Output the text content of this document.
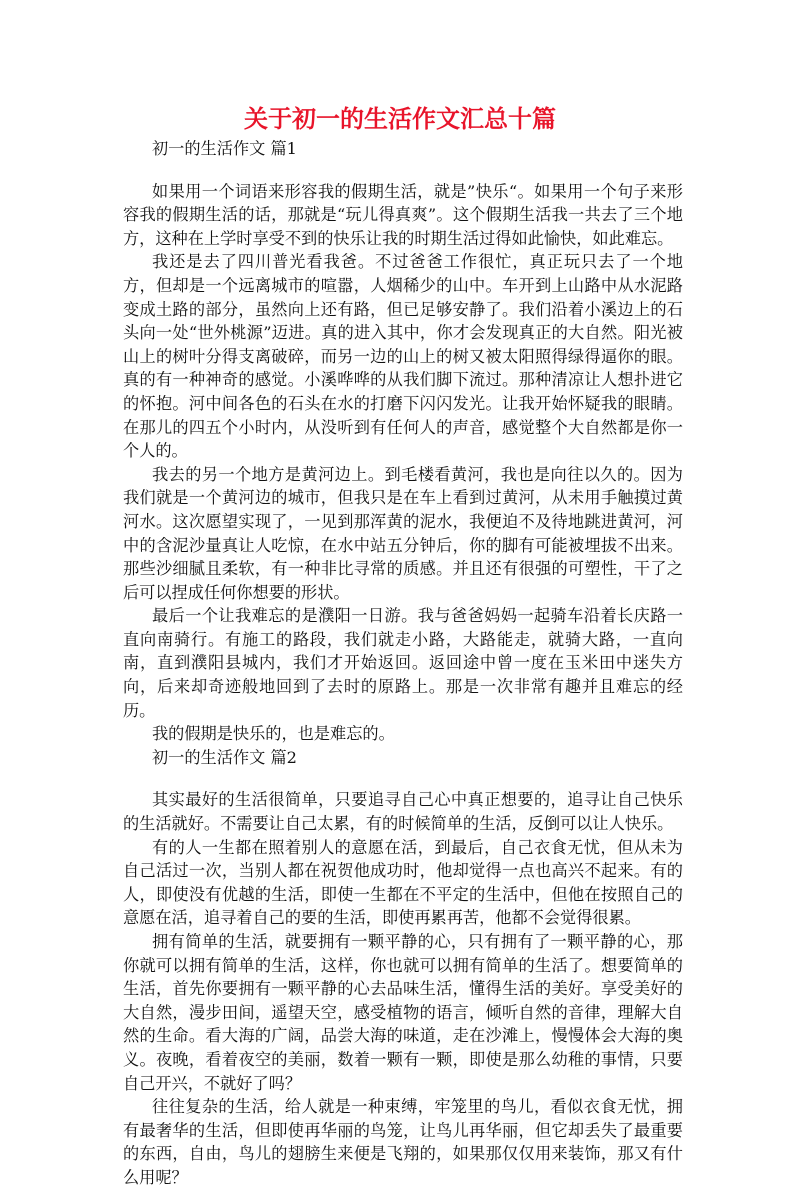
关于初一的生活作文汇总十篇

初一的生活作文 篇1

如果用一个词语来形容我的假期生活，就是”快乐“。如果用一个句子来形容我的假期生活的话，那就是“玩儿得真爽”。这个假期生活我一共去了三个地方，这种在上学时享受不到的快乐让我的时期生活过得如此愉快，如此难忘。

我还是去了四川普光看我爸。不过爸爸工作很忙，真正玩只去了一个地方，但却是一个远离城市的喧嚣，人烟稀少的山中。车开到上山路中从水泥路变成土路的部分，虽然向上还有路，但已足够安静了。我们沿着小溪边上的石头向一处“世外桃源”迈进。真的进入其中，你才会发现真正的大自然。阳光被山上的树叶分得支离破碎，而另一边的山上的树又被太阳照得绿得逼你的眼。真的有一种神奇的感觉。小溪哗哗的从我们脚下流过。那种清凉让人想扑进它的怀抱。河中间各色的石头在水的打磨下闪闪发光。让我开始怀疑我的眼睛。在那儿的四五个小时内，从没听到有任何人的声音，感觉整个大自然都是你一个人的。

我去的另一个地方是黄河边上。到毛楼看黄河，我也是向往以久的。因为我们就是一个黄河边的城市，但我只是在车上看到过黄河，从未用手触摸过黄河水。这次愿望实现了，一见到那浑黄的泥水，我便迫不及待地跳进黄河，河中的含泥沙量真让人吃惊，在水中站五分钟后，你的脚有可能被埋拔不出来。那些沙细腻且柔软，有一种非比寻常的质感。并且还有很强的可塑性，干了之后可以捏成任何你想要的形状。

最后一个让我难忘的是濮阳一日游。我与爸爸妈妈一起骑车沿着长庆路一直向南骑行。有施工的路段，我们就走小路，大路能走，就骑大路，一直向南，直到濮阳县城内，我们才开始返回。返回途中曾一度在玉米田中迷失方向，后来却奇迹般地回到了去时的原路上。那是一次非常有趣并且难忘的经历。

我的假期是快乐的，也是难忘的。

初一的生活作文 篇2

其实最好的生活很简单，只要追寻自己心中真正想要的，追寻让自己快乐的生活就好。不需要让自己太累，有的时候简单的生活，反倒可以让人快乐。

有的人一生都在照着别人的意愿在活，到最后，自己衣食无忧，但从未为自己活过一次，当别人都在祝贺他成功时，他却觉得一点也高兴不起来。有的人，即使没有优越的生活，即使一生都在不平定的生活中，但他在按照自己的意愿在活，追寻着自己的要的生活，即使再累再苦，他都不会觉得很累。

拥有简单的生活，就要拥有一颗平静的心，只有拥有了一颗平静的心，那你就可以拥有简单的生活，这样，你也就可以拥有简单的生活了。想要简单的生活，首先你要拥有一颗平静的心去品味生活，懂得生活的美好。享受美好的大自然，漫步田间，遥望天空，感受植物的语言，倾听自然的音律，理解大自然的生命。看大海的广阔，品尝大海的味道，走在沙滩上，慢慢体会大海的奥义。夜晚，看着夜空的美丽，数着一颗有一颗，即使是那么幼稚的事情，只要自己开兴，不就好了吗？

往往复杂的生活，给人就是一种束缚，牢笼里的鸟儿，看似衣食无忧，拥有最奢华的生活，但即使再华丽的鸟笼，让鸟儿再华丽，但它却丢失了最重要的东西，自由，鸟儿的翅膀生来便是飞翔的，如果那仅仅用来装饰，那又有什么用呢？
